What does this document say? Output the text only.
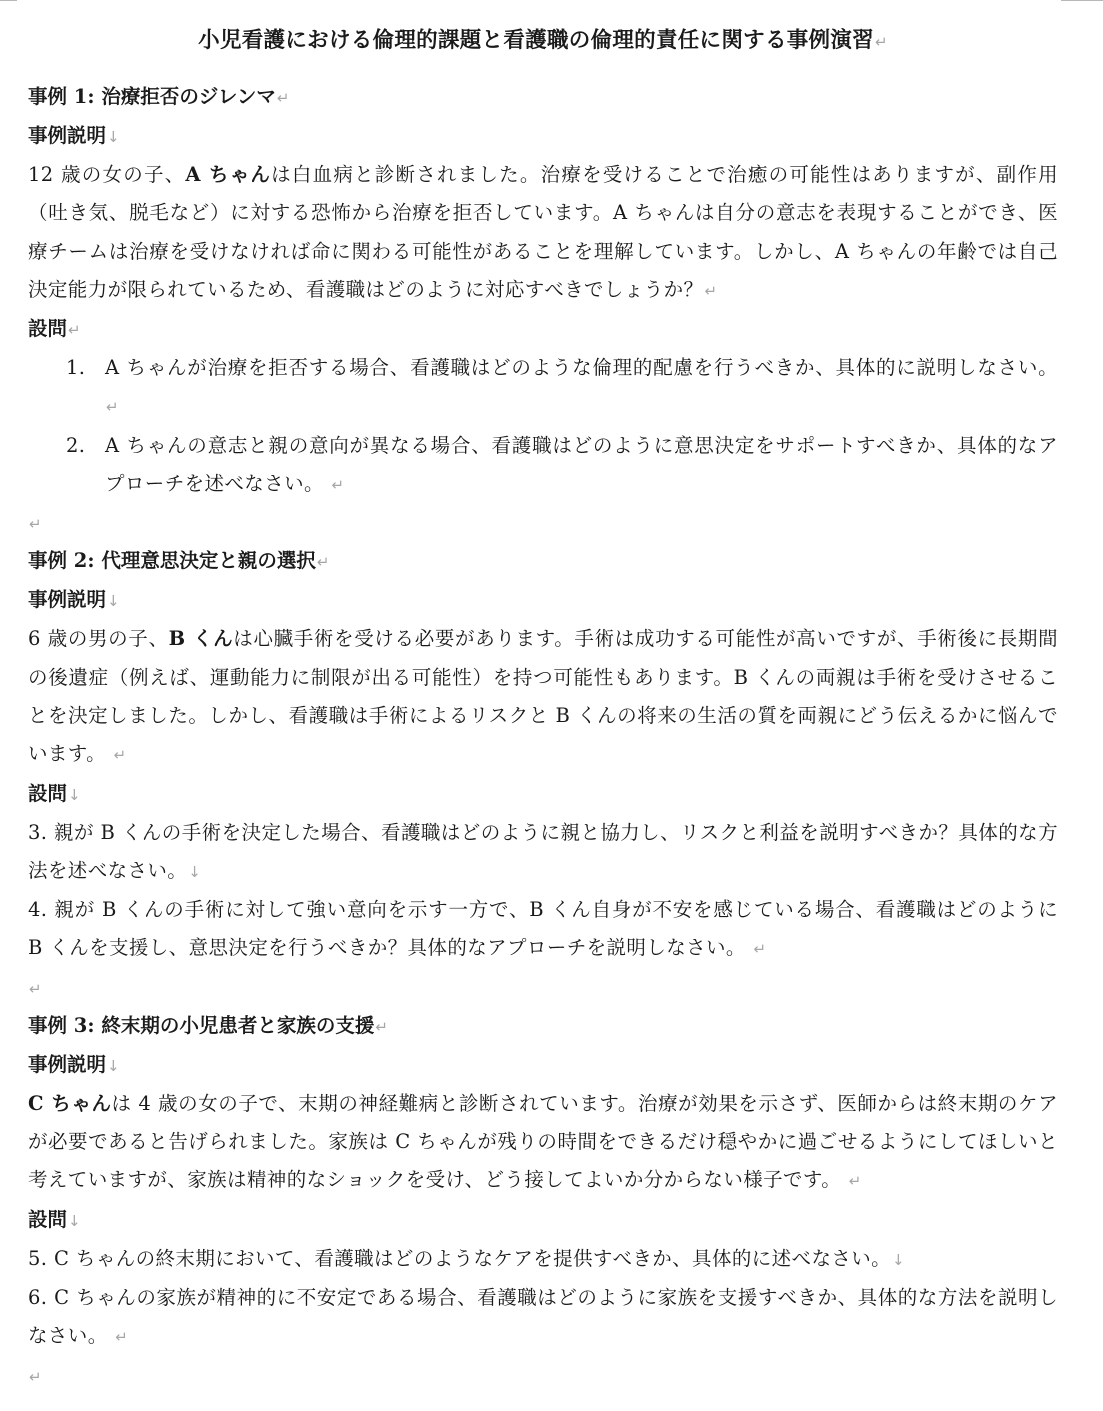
小児看護における倫理的課題と看護職の倫理的責任に関する事例演習↵

事例 1: 治療拒否のジレンマ↵

事例説明↓

12 歳の女の子、A ちゃんは白血病と診断されました。治療を受けることで治癒の可能性はありますが、副作用（吐き気、脱毛など）に対する恐怖から治療を拒否しています。A ちゃんは自分の意志を表現することができ、医療チームは治療を受けなければ命に関わる可能性があることを理解しています。しかし、A ちゃんの年齢では自己決定能力が限られているため、看護職はどのように対応すべきでしょうか？↵

設問↵

1. A ちゃんが治療を拒否する場合、看護職はどのような倫理的配慮を行うべきか、具体的に説明しなさい。 ↵
2. A ちゃんの意志と親の意向が異なる場合、看護職はどのように意思決定をサポートすべきか、具体的なアプローチを述べなさい。 ↵
↵

事例 2: 代理意思決定と親の選択↵

事例説明↓

6 歳の男の子、B くんは心臓手術を受ける必要があります。手術は成功する可能性が高いですが、手術後に長期間の後遺症（例えば、運動能力に制限が出る可能性）を持つ可能性もあります。B くんの両親は手術を受けさせることを決定しました。しかし、看護職は手術によるリスクと B くんの将来の生活の質を両親にどう伝えるかに悩んでいます。 ↵

設問↓

3. 親が B くんの手術を決定した場合、看護職はどのように親と協力し、リスクと利益を説明すべきか？具体的な方法を述べなさい。↓

4. 親が B くんの手術に対して強い意向を示す一方で、B くん自身が不安を感じている場合、看護職はどのように B くんを支援し、意思決定を行うべきか？具体的なアプローチを説明しなさい。 ↵

↵

事例 3: 終末期の小児患者と家族の支援↵

事例説明↓

C ちゃんは 4 歳の女の子で、末期の神経難病と診断されています。治療が効果を示さず、医師からは終末期のケアが必要であると告げられました。家族は C ちゃんが残りの時間をできるだけ穏やかに過ごせるようにしてほしいと考えていますが、家族は精神的なショックを受け、どう接してよいか分からない様子です。 ↵

設問↓

5. C ちゃんの終末期において、看護職はどのようなケアを提供すべきか、具体的に述べなさい。↓

6. C ちゃんの家族が精神的に不安定である場合、看護職はどのように家族を支援すべきか、具体的な方法を説明しなさい。 ↵

↵
